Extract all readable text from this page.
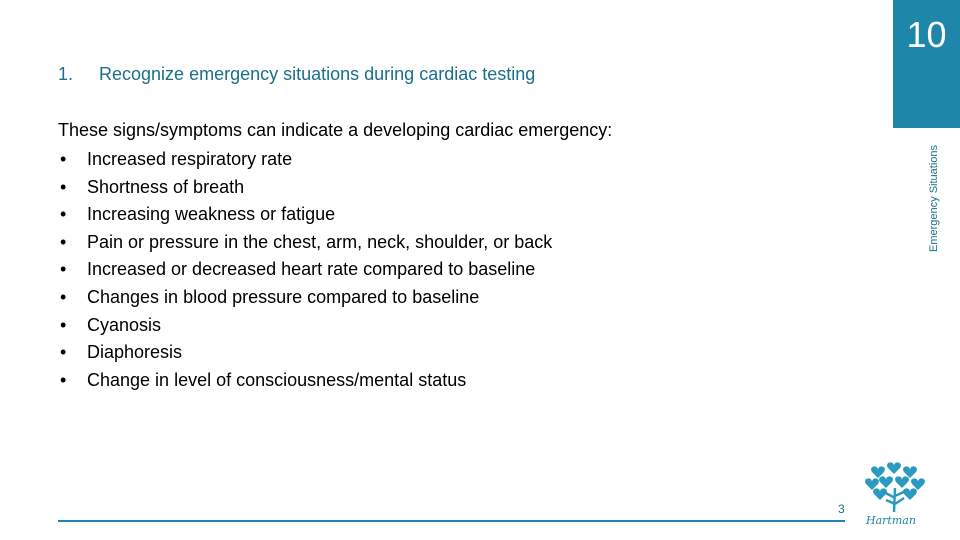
1. Recognize emergency situations during cardiac testing
These signs/symptoms can indicate a developing cardiac emergency:
•	Increased respiratory rate
•	Shortness of breath
•	Increasing weakness or fatigue
•	Pain or pressure in the chest, arm, neck, shoulder, or back
•	Increased or decreased heart rate compared to baseline
•	Changes in blood pressure compared to baseline
•	Cyanosis
•	Diaphoresis
•	Change in level of consciousness/mental status
10
Emergency Situations
3
Hartman
